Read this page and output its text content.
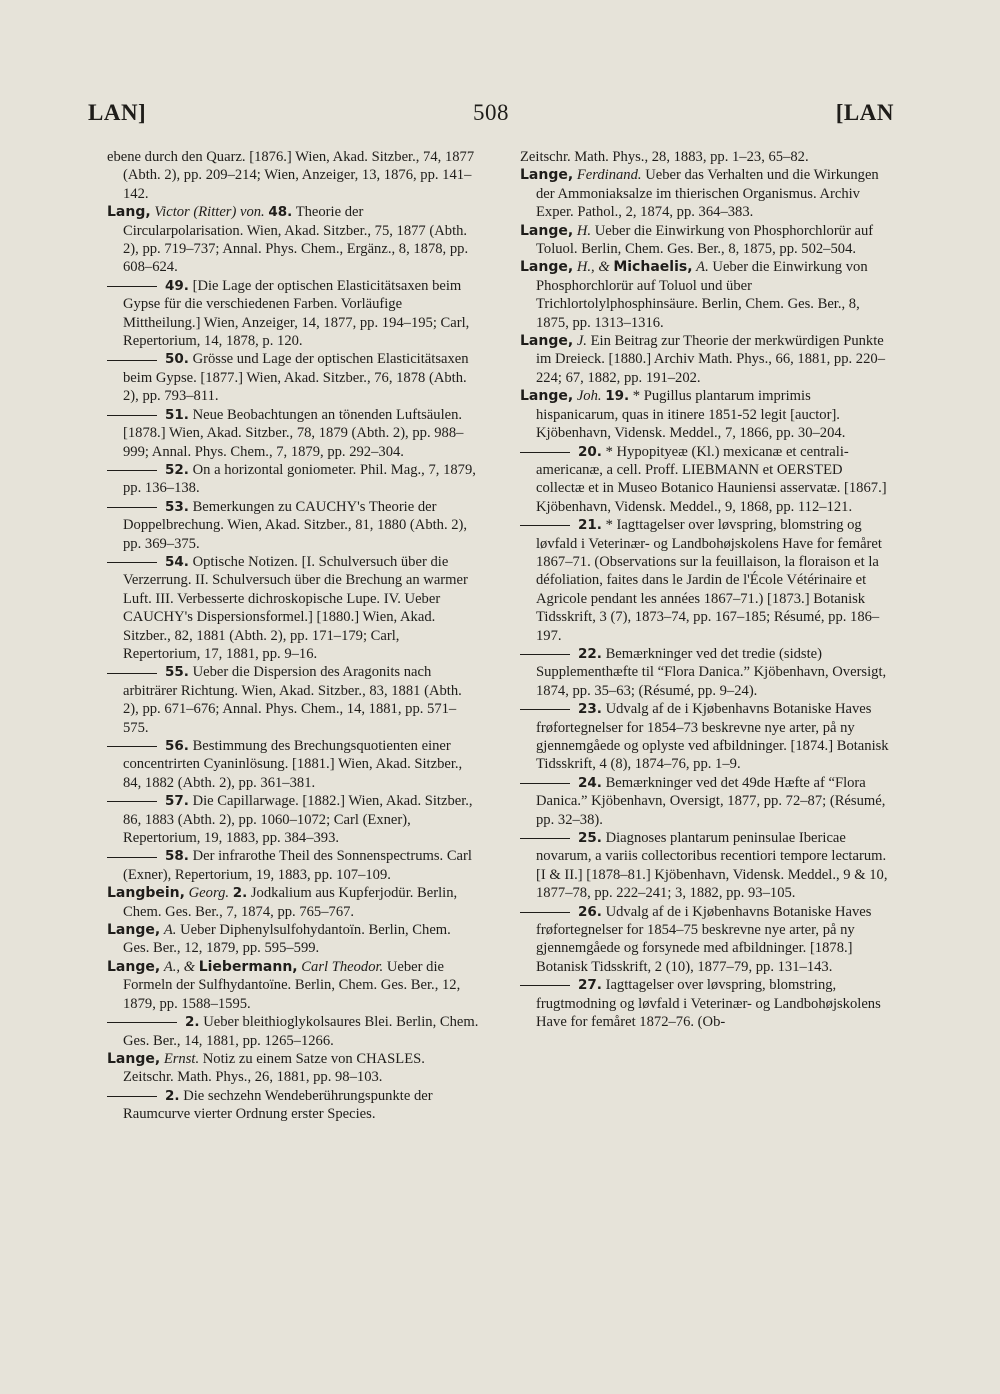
LAN]	508	[LAN

ebene durch den Quarz. [1876.] Wien, Akad. Sitzber., 74, 1877 (Abth. 2), pp. 209–214; Wien, Anzeiger, 13, 1876, pp. 141–142.

Lang, Victor (Ritter) von. 48. Theorie der Circularpolarisation. Wien, Akad. Sitzber., 75, 1877 (Abth. 2), pp. 719–737; Annal. Phys. Chem., Ergänz., 8, 1878, pp. 608–624.

49. [Die Lage der optischen Elasticitätsaxen beim Gypse für die verschiedenen Farben. Vorläufige Mittheilung.] Wien, Anzeiger, 14, 1877, pp. 194–195; Carl, Repertorium, 14, 1878, p. 120.

50. Grösse und Lage der optischen Elasticitätsaxen beim Gypse. [1877.] Wien, Akad. Sitzber., 76, 1878 (Abth. 2), pp. 793–811.

51. Neue Beobachtungen an tönenden Luftsäulen. [1878.] Wien, Akad. Sitzber., 78, 1879 (Abth. 2), pp. 988–999; Annal. Phys. Chem., 7, 1879, pp. 292–304.

52. On a horizontal goniometer. Phil. Mag., 7, 1879, pp. 136–138.

53. Bemerkungen zu CAUCHY's Theorie der Doppelbrechung. Wien, Akad. Sitzber., 81, 1880 (Abth. 2), pp. 369–375.

54. Optische Notizen. [I. Schulversuch über die Verzerrung. II. Schulversuch über die Brechung an warmer Luft. III. Verbesserte dichroskopische Lupe. IV. Ueber CAUCHY's Dispersionsformel.] [1880.] Wien, Akad. Sitzber., 82, 1881 (Abth. 2), pp. 171–179; Carl, Repertorium, 17, 1881, pp. 9–16.

55. Ueber die Dispersion des Aragonits nach arbiträrer Richtung. Wien, Akad. Sitzber., 83, 1881 (Abth. 2), pp. 671–676; Annal. Phys. Chem., 14, 1881, pp. 571–575.

56. Bestimmung des Brechungsquotienten einer concentrirten Cyaninlösung. [1881.] Wien, Akad. Sitzber., 84, 1882 (Abth. 2), pp. 361–381.

57. Die Capillarwage. [1882.] Wien, Akad. Sitzber., 86, 1883 (Abth. 2), pp. 1060–1072; Carl (Exner), Repertorium, 19, 1883, pp. 384–393.

58. Der infrarothe Theil des Sonnenspectrums. Carl (Exner), Repertorium, 19, 1883, pp. 107–109.

Langbein, Georg. 2. Jodkalium aus Kupferjodür. Berlin, Chem. Ges. Ber., 7, 1874, pp. 765–767.

Lange, A. Ueber Diphenylsulfohydantoïn. Berlin, Chem. Ges. Ber., 12, 1879, pp. 595–599.

Lange, A., & Liebermann, Carl Theodor. Ueber die Formeln der Sulfhydantoïne. Berlin, Chem. Ges. Ber., 12, 1879, pp. 1588–1595.

2. Ueber bleithioglykolsaures Blei. Berlin, Chem. Ges. Ber., 14, 1881, pp. 1265–1266.

Lange, Ernst. Notiz zu einem Satze von CHASLES. Zeitschr. Math. Phys., 26, 1881, pp. 98–103.

2. Die sechzehn Wendeberührungspunkte der Raumcurve vierter Ordnung erster Species.

Zeitschr. Math. Phys., 28, 1883, pp. 1–23, 65–82.

Lange, Ferdinand. Ueber das Verhalten und die Wirkungen der Ammoniaksalze im thierischen Organismus. Archiv Exper. Pathol., 2, 1874, pp. 364–383.

Lange, H. Ueber die Einwirkung von Phosphorchlorür auf Toluol. Berlin, Chem. Ges. Ber., 8, 1875, pp. 502–504.

Lange, H., & Michaelis, A. Ueber die Einwirkung von Phosphorchlorür auf Toluol und über Trichlortolylphosphinsäure. Berlin, Chem. Ges. Ber., 8, 1875, pp. 1313–1316.

Lange, J. Ein Beitrag zur Theorie der merkwürdigen Punkte im Dreieck. [1880.] Archiv Math. Phys., 66, 1881, pp. 220–224; 67, 1882, pp. 191–202.

Lange, Joh. 19. * Pugillus plantarum imprimis hispanicarum, quas in itinere 1851-52 legit [auctor]. Kjöbenhavn, Vidensk. Meddel., 7, 1866, pp. 30–204.

20. * Hypopityeæ (Kl.) mexicanæ et centrali-americanæ, a cell. Proff. LIEBMANN et OERSTED collectæ et in Museo Botanico Hauniensi asservatæ. [1867.] Kjöbenhavn, Vidensk. Meddel., 9, 1868, pp. 112–121.

21. * Iagttagelser over løvspring, blomstring og løvfald i Veterinær- og Landbohøjskolens Have for femåret 1867–71. (Observations sur la feuillaison, la floraison et la défoliation, faites dans le Jardin de l'École Vétérinaire et Agricole pendant les années 1867–71.) [1873.] Botanisk Tidsskrift, 3 (7), 1873–74, pp. 167–185; Résumé, pp. 186–197.

22. Bemærkninger ved det tredie (sidste) Supplementhæfte til “Flora Danica.” Kjöbenhavn, Oversigt, 1874, pp. 35–63; (Résumé, pp. 9–24).

23. Udvalg af de i Kjøbenhavns Botaniske Haves frøfortegnelser for 1854–73 beskrevne nye arter, på ny gjennemgåede og oplyste ved afbildninger. [1874.] Botanisk Tidsskrift, 4 (8), 1874–76, pp. 1–9.

24. Bemærkninger ved det 49de Hæfte af “Flora Danica.” Kjöbenhavn, Oversigt, 1877, pp. 72–87; (Résumé, pp. 32–38).

25. Diagnoses plantarum peninsulae Ibericae novarum, a variis collectoribus recentiori tempore lectarum. [I & II.] [1878–81.] Kjöbenhavn, Vidensk. Meddel., 9 & 10, 1877–78, pp. 222–241; 3, 1882, pp. 93–105.

26. Udvalg af de i Kjøbenhavns Botaniske Haves frøfortegnelser for 1854–75 beskrevne nye arter, på ny gjennemgåede og forsynede med afbildninger. [1878.] Botanisk Tidsskrift, 2 (10), 1877–79, pp. 131–143.

27. Iagttagelser over løvspring, blomstring, frugtmodning og løvfald i Veterinær- og Landbohøjskolens Have for femåret 1872–76. (Ob-
